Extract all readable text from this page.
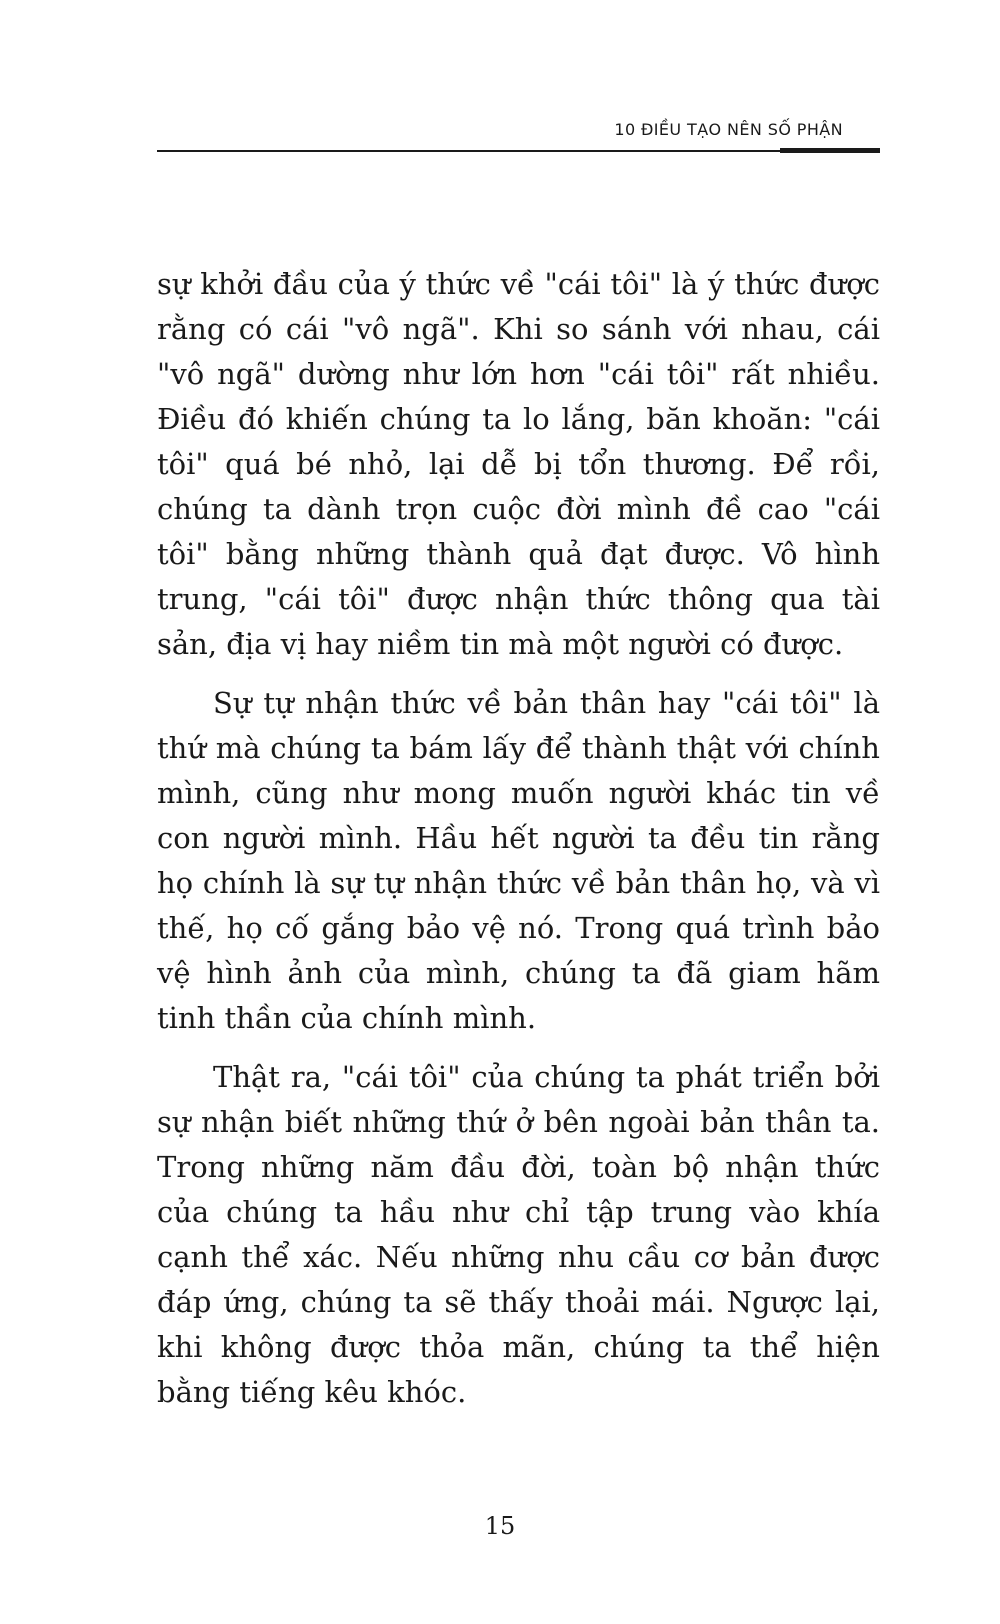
10 ĐIỀU TẠO NÊN SỐ PHẬN

sự khởi đầu của ý thức về "cái tôi" là ý thức được rằng có cái "vô ngã". Khi so sánh với nhau, cái "vô ngã" dường như lớn hơn "cái tôi" rất nhiều. Điều đó khiến chúng ta lo lắng, băn khoăn: "cái tôi" quá bé nhỏ, lại dễ bị tổn thương. Để rồi, chúng ta dành trọn cuộc đời mình đề cao "cái tôi" bằng những thành quả đạt được. Vô hình trung, "cái tôi" được nhận thức thông qua tài sản, địa vị hay niềm tin mà một người có được.

Sự tự nhận thức về bản thân hay "cái tôi" là thứ mà chúng ta bám lấy để thành thật với chính mình, cũng như mong muốn người khác tin về con người mình. Hầu hết người ta đều tin rằng họ chính là sự tự nhận thức về bản thân họ, và vì thế, họ cố gắng bảo vệ nó. Trong quá trình bảo vệ hình ảnh của mình, chúng ta đã giam hãm tinh thần của chính mình.

Thật ra, "cái tôi" của chúng ta phát triển bởi sự nhận biết những thứ ở bên ngoài bản thân ta. Trong những năm đầu đời, toàn bộ nhận thức của chúng ta hầu như chỉ tập trung vào khía cạnh thể xác. Nếu những nhu cầu cơ bản được đáp ứng, chúng ta sẽ thấy thoải mái. Ngược lại, khi không được thỏa mãn, chúng ta thể hiện bằng tiếng kêu khóc.

15
